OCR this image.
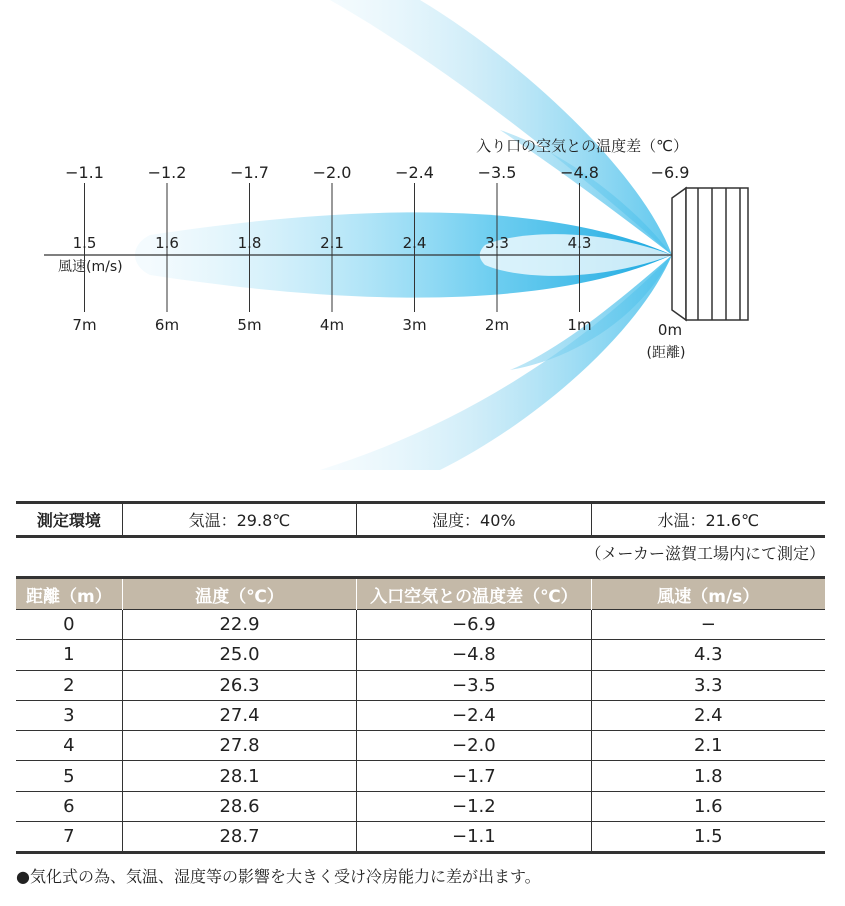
入り口の空気との温度差（℃）
風速(m/s)
(距離)
−1.1
1.5
7m
−1.2
1.6
6m
−1.7
1.8
5m
−2.0
2.1
4m
−2.4
2.4
3m
−3.5
3.3
2m
−4.8
4.3
1m
−6.9
0m
測定環境	気温：29.8℃	湿度：40%	水温：21.6℃
（メーカー滋賀工場内にて測定）
距離（m）	温度（℃）	入口空気との温度差（℃）	風速（m/s）
0	22.9	−6.9	−
1	25.0	−4.8	4.3
2	26.3	−3.5	3.3
3	27.4	−2.4	2.4
4	27.8	−2.0	2.1
5	28.1	−1.7	1.8
6	28.6	−1.2	1.6
7	28.7	−1.1	1.5
●気化式の為、気温、湿度等の影響を大きく受け冷房能力に差が出ます。
